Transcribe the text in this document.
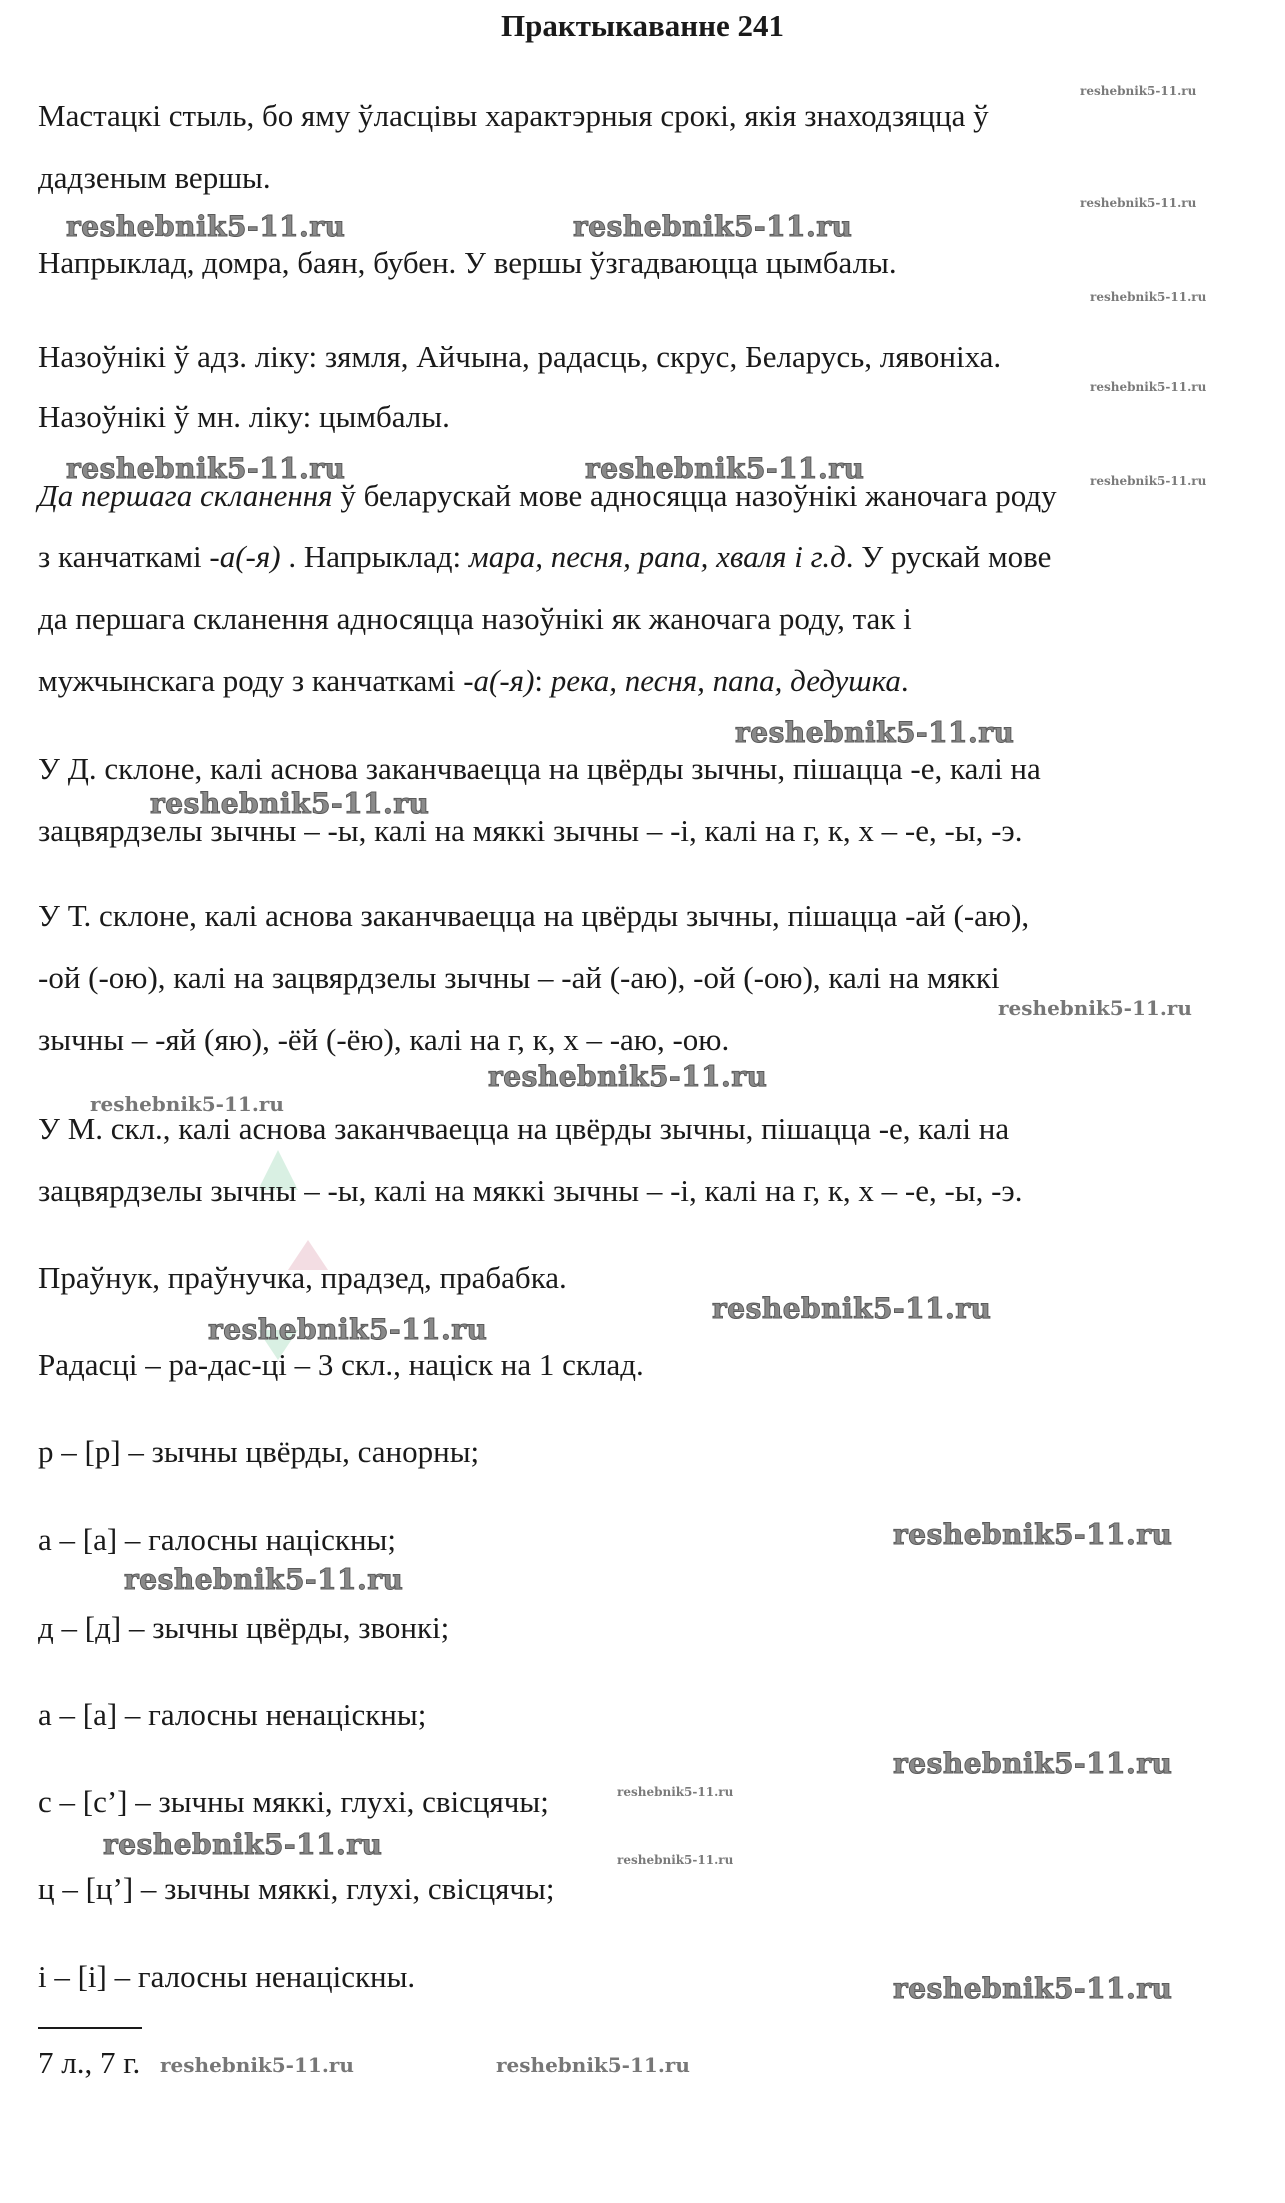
Практыкаванне 241
Мастацкі стыль, бо яму ўласцівы характэрныя срокі, якія знаходзяцца ў
дадзеным вершы.
Напрыклад, домра, баян, бубен. У вершы ўзгадваюцца цымбалы.
Назоўнікі ў адз. ліку: зямля, Айчына, радасць, скрус, Беларусь, лявоніха.
Назоўнікі ў мн. ліку: цымбалы.
Да першага скланення ў беларускай мове адносяцца назоўнікі жаночага роду
з канчаткамі -а(-я) . Напрыклад: мара, песня, рапа, хваля і г.д. У рускай мове
да першага скланення адносяцца назоўнікі як жаночага роду, так і
мужчынскага роду з канчаткамі -а(-я): река, песня, папа, дедушка.
У Д. склоне, калі аснова заканчваецца на цвёрды зычны, пішацца -е, калі на
зацвярдзелы зычны – -ы, калі на мяккі зычны – -і, калі на г, к, х – -е, -ы, -э.
У Т. склоне, калі аснова заканчваецца на цвёрды зычны, пішацца -ай (-аю),
-ой (-ою), калі на зацвярдзелы зычны – -ай (-аю), -ой (-ою), калі на мяккі
зычны – -яй (яю), -ёй (-ёю), калі на г, к, х – -аю, -ою.
У М. скл., калі аснова заканчваецца на цвёрды зычны, пішацца -е, калі на
зацвярдзелы зычны – -ы, калі на мяккі зычны – -і, калі на г, к, х – -е, -ы, -э.
Праўнук, праўнучка, прадзед, прабабка.
Радасці – ра-дас-ці – 3 скл., націск на 1 склад.
р – [р] – зычны цвёрды, санорны;
а – [а] – галосны націскны;
д – [д] – зычны цвёрды, звонкі;
а – [а] – галосны ненаціскны;
с – [с’] – зычны мяккі, глухі, свісцячы;
ц – [ц’] – зычны мяккі, глухі, свісцячы;
і – [і] – галосны ненаціскны.
7 л., 7 г.
reshebnik5-11.ru
reshebnik5-11.ru
reshebnik5-11.ru	reshebnik5-11.ru
reshebnik5-11.ru
reshebnik5-11.ru
reshebnik5-11.ru	reshebnik5-11.ru	reshebnik5-11.ru
reshebnik5-11.ru
reshebnik5-11.ru
reshebnik5-11.ru
reshebnik5-11.ru
reshebnik5-11.ru
reshebnik5-11.ru
reshebnik5-11.ru
reshebnik5-11.ru
reshebnik5-11.ru
reshebnik5-11.ru
reshebnik5-11.ru
reshebnik5-11.ru	reshebnik5-11.ru
reshebnik5-11.ru
reshebnik5-11.ru	reshebnik5-11.ru
